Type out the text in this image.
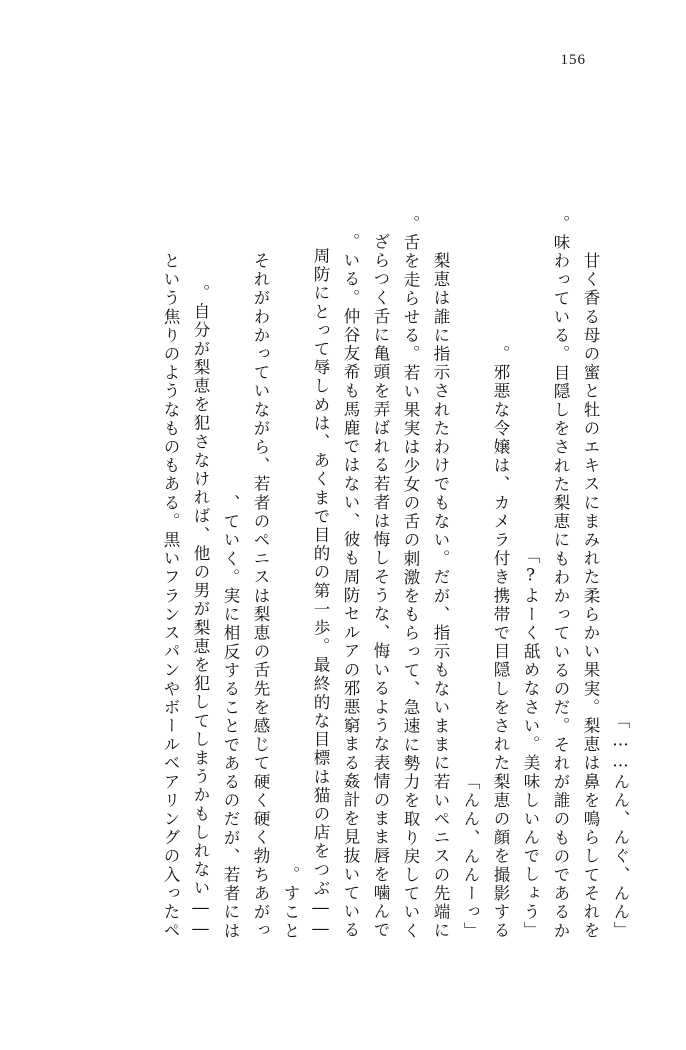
156
「んん、んぐ、んん……」
甘く香る母の蜜と牡のエキスにまみれた柔らかい果実。梨恵は鼻を鳴らしてそれを
味わっている。目隠しをされた梨恵にもわかっているのだ。それが誰のものであるか。
「よーく舐めなさい。美味しいんでしょう?」
邪悪な令嬢は、カメラ付き携帯で目隠しをされた梨恵の顔を撮影する。
「んん、んんーっ」
梨恵は誰に指示されたわけでもない。だが、指示もないままに若いペニスの先端に
舌を走らせる。若い果実は少女の舌の刺激をもらって、急速に勢力を取り戻していく。
ざらつく舌に亀頭を弄ばれる若者は悔しそうな、悔いるような表情のまま唇を噛んで
いる。仲谷友希も馬鹿ではない、彼も周防セルアの邪悪窮まる姦計を見抜いている。
――周防にとって辱しめは、あくまで目的の第一歩。最終的な目標は猫の店をつぶ
すこと。
それがわかっていながら、若者のペニスは梨恵の舌先を感じて硬く硬く勃ちあがっ
ていく。実に相反することであるのだが、若者には、
――自分が梨恵を犯さなければ、他の男が梨恵を犯してしまうかもしれない。
という焦りのようなものもある。黒いフランスパンやボールベアリングの入ったペ
